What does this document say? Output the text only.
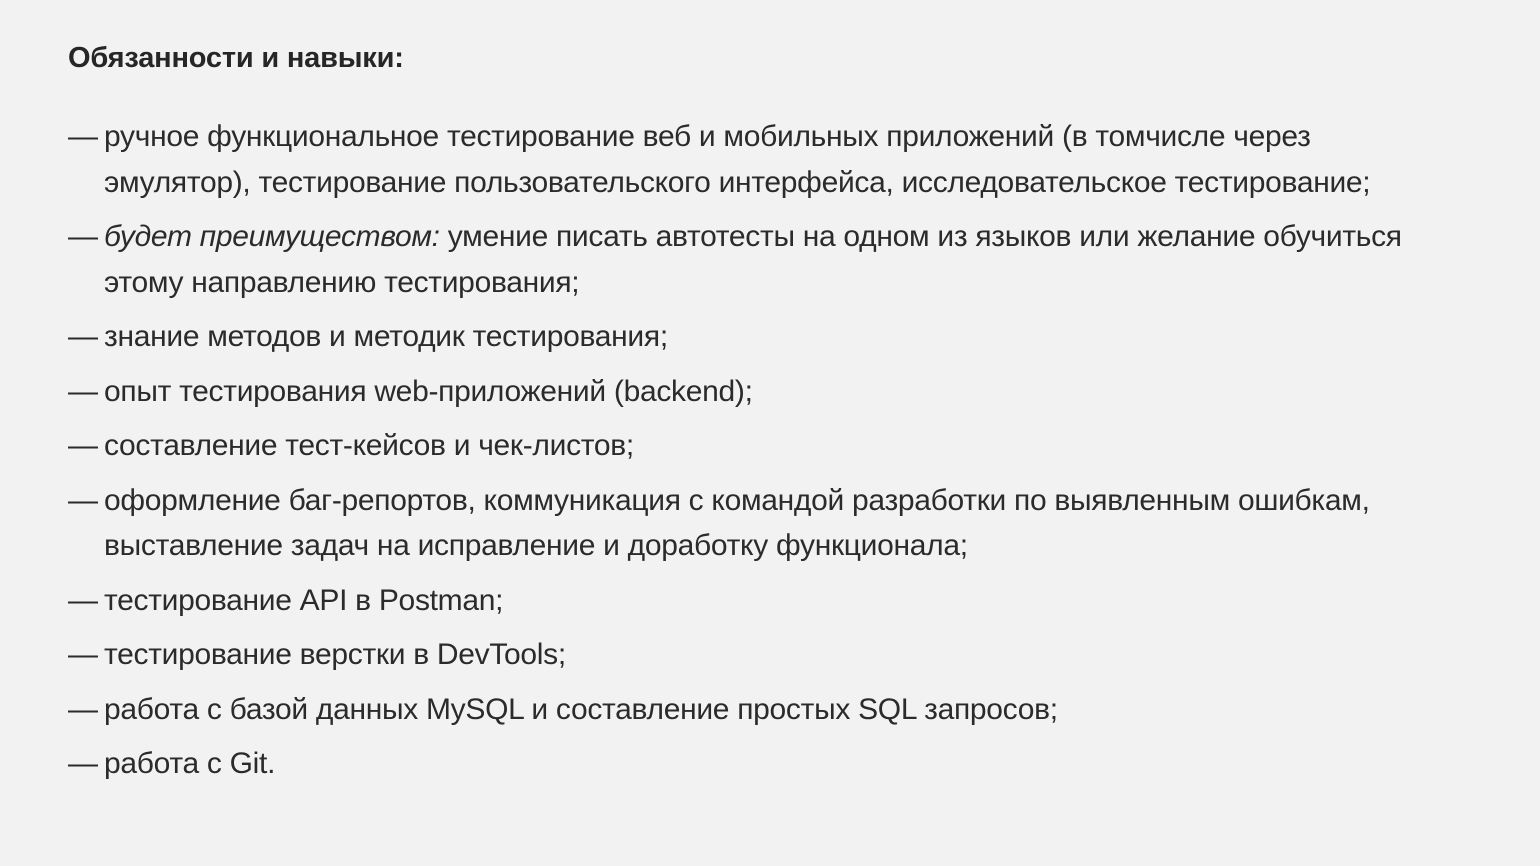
Обязанности и навыки:
— ручное функциональное тестирование веб и мобильных приложений (в томчисле через эмулятор), тестирование пользовательского интерфейса, исследовательское тестирование;
— будет преимуществом: умение писать автотесты на одном из языков или желание обучиться этому направлению тестирования;
— знание методов и методик тестирования;
— опыт тестирования web-приложений (backend);
— составление тест-кейсов и чек-листов;
— оформление баг-репортов, коммуникация с командой разработки по выявленным ошибкам, выставление задач на исправление и доработку функционала;
— тестирование API в Postman;
— тестирование верстки в DevTools;
— работа с базой данных MySQL и составление простых SQL запросов;
— работа с Git.
